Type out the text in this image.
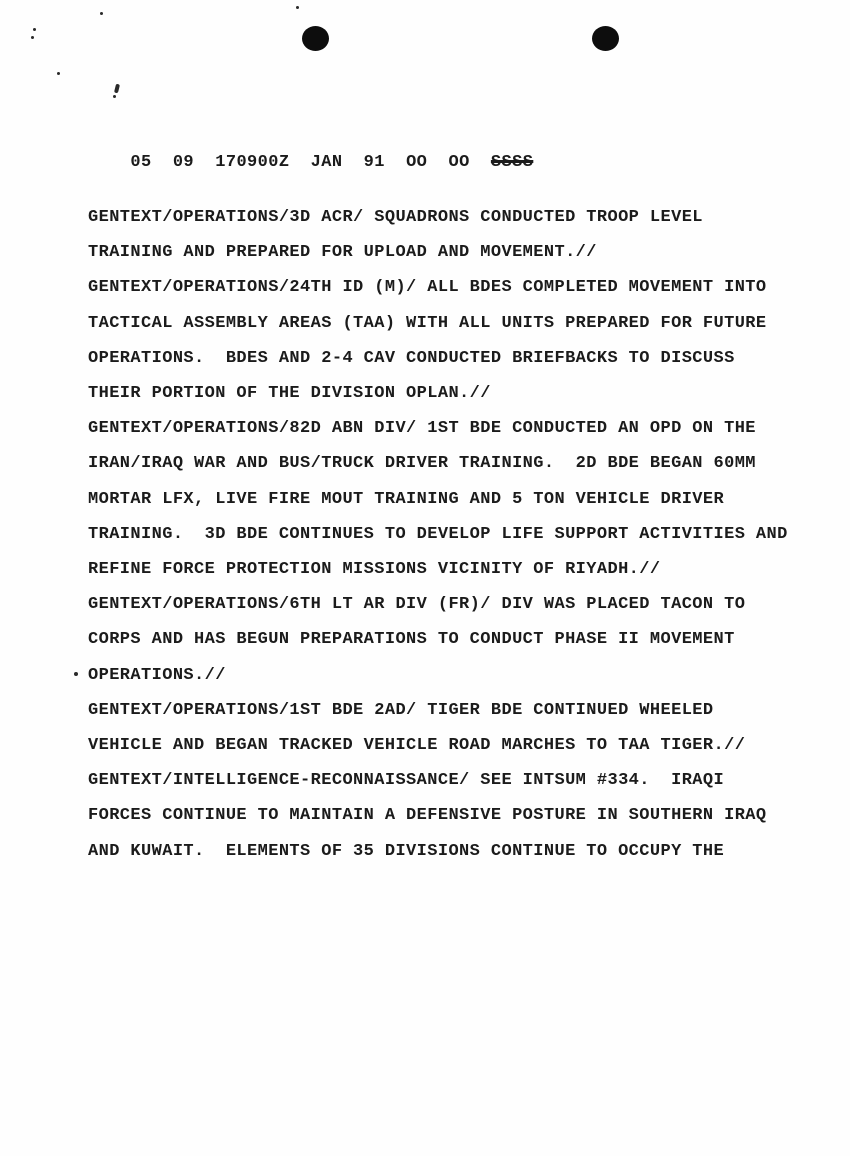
05  09  170900Z  JAN  91  OO  OO  SSSS

GENTEXT/OPERATIONS/3D ACR/ SQUADRONS CONDUCTED TROOP LEVEL
TRAINING AND PREPARED FOR UPLOAD AND MOVEMENT.//
GENTEXT/OPERATIONS/24TH ID (M)/ ALL BDES COMPLETED MOVEMENT INTO
TACTICAL ASSEMBLY AREAS (TAA) WITH ALL UNITS PREPARED FOR FUTURE
OPERATIONS.  BDES AND 2-4 CAV CONDUCTED BRIEFBACKS TO DISCUSS
THEIR PORTION OF THE DIVISION OPLAN.//
GENTEXT/OPERATIONS/82D ABN DIV/ 1ST BDE CONDUCTED AN OPD ON THE
IRAN/IRAQ WAR AND BUS/TRUCK DRIVER TRAINING.  2D BDE BEGAN 60MM
MORTAR LFX, LIVE FIRE MOUT TRAINING AND 5 TON VEHICLE DRIVER
TRAINING.  3D BDE CONTINUES TO DEVELOP LIFE SUPPORT ACTIVITIES AND
REFINE FORCE PROTECTION MISSIONS VICINITY OF RIYADH.//
GENTEXT/OPERATIONS/6TH LT AR DIV (FR)/ DIV WAS PLACED TACON TO
CORPS AND HAS BEGUN PREPARATIONS TO CONDUCT PHASE II MOVEMENT
OPERATIONS.//
GENTEXT/OPERATIONS/1ST BDE 2AD/ TIGER BDE CONTINUED WHEELED
VEHICLE AND BEGAN TRACKED VEHICLE ROAD MARCHES TO TAA TIGER.//
GENTEXT/INTELLIGENCE-RECONNAISSANCE/ SEE INTSUM #334.  IRAQI
FORCES CONTINUE TO MAINTAIN A DEFENSIVE POSTURE IN SOUTHERN IRAQ
AND KUWAIT.  ELEMENTS OF 35 DIVISIONS CONTINUE TO OCCUPY THE
